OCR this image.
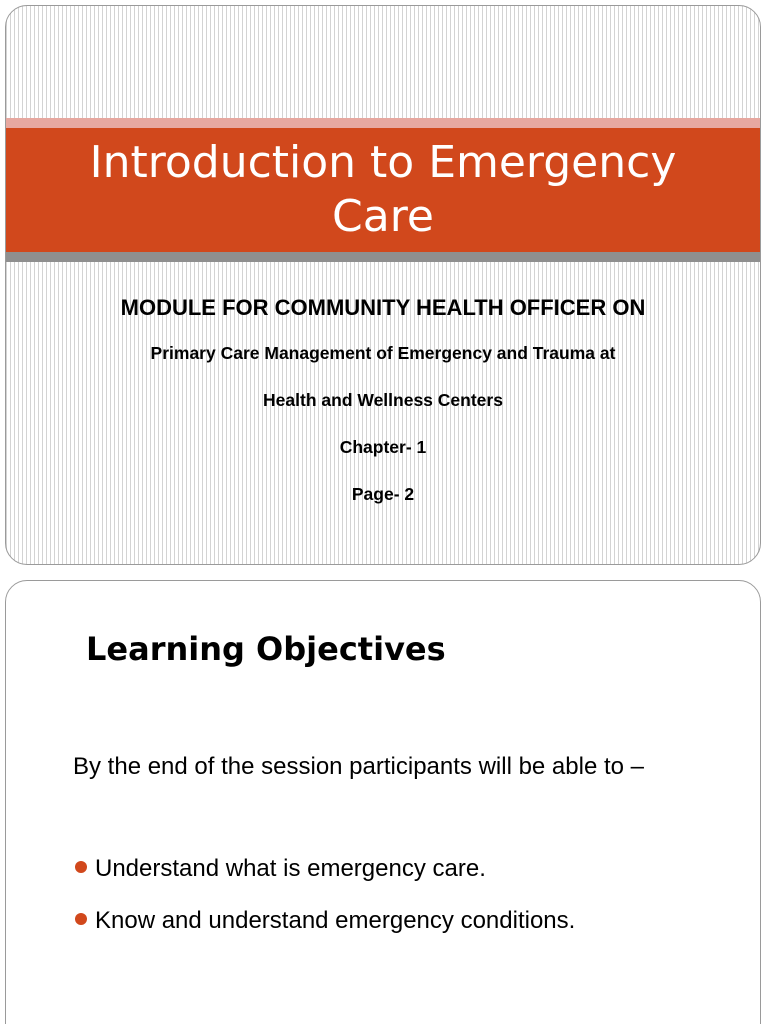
Introduction to Emergency
Care

MODULE FOR COMMUNITY HEALTH OFFICER ON

Primary Care Management of Emergency and Trauma at

Health and Wellness Centers

Chapter- 1

Page- 2

Learning Objectives

By the end of the session participants will be able to –

Understand what is emergency care.
Know and understand emergency conditions.
